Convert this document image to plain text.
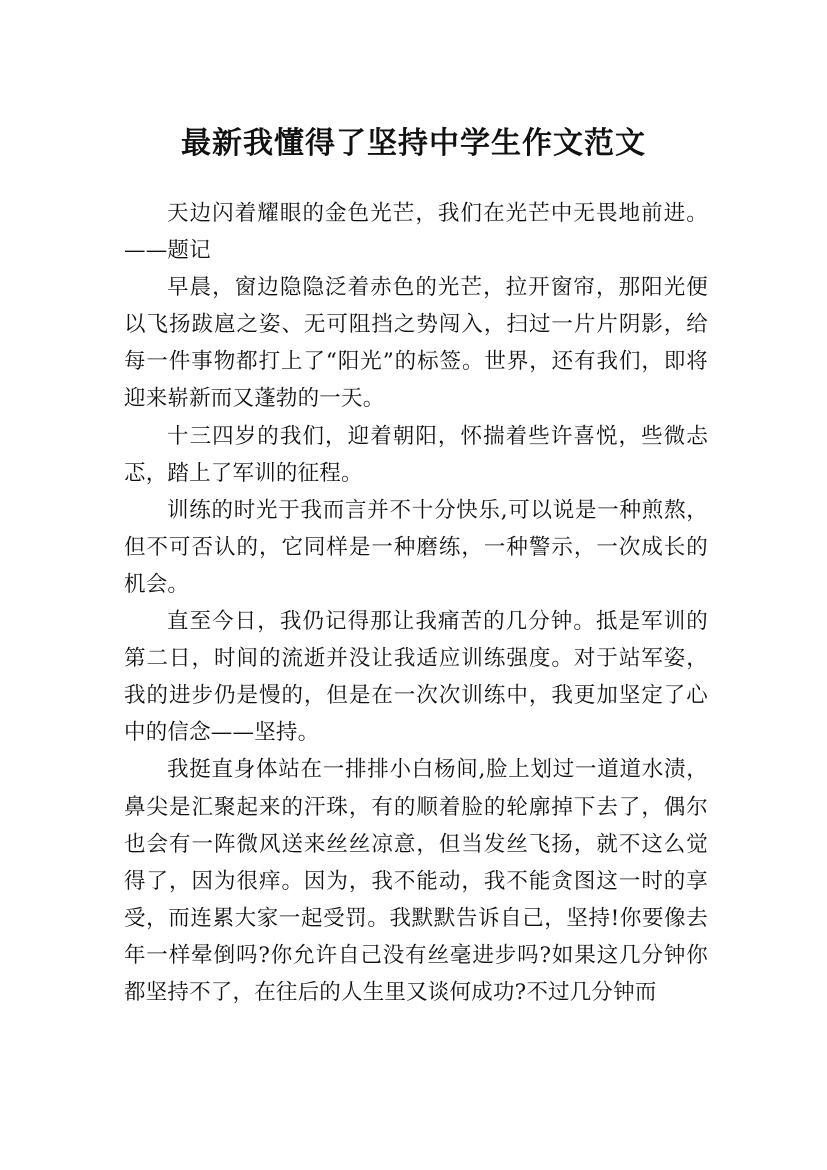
最新我懂得了坚持中学生作文范文

天边闪着耀眼的金色光芒，我们在光芒中无畏地前进。——题记

早晨，窗边隐隐泛着赤色的光芒，拉开窗帘，那阳光便以飞扬跋扈之姿、无可阻挡之势闯入，扫过一片片阴影，给每一件事物都打上了“阳光”的标签。世界，还有我们，即将迎来崭新而又蓬勃的一天。

十三四岁的我们，迎着朝阳，怀揣着些许喜悦，些微忐忑，踏上了军训的征程。

训练的时光于我而言并不十分快乐,可以说是一种煎熬，但不可否认的，它同样是一种磨练，一种警示，一次成长的机会。

直至今日，我仍记得那让我痛苦的几分钟。抵是军训的第二日，时间的流逝并没让我适应训练强度。对于站军姿，我的进步仍是慢的，但是在一次次训练中，我更加坚定了心中的信念——坚持。

我挺直身体站在一排排小白杨间,脸上划过一道道水渍，鼻尖是汇聚起来的汗珠，有的顺着脸的轮廓掉下去了，偶尔也会有一阵微风送来丝丝凉意，但当发丝飞扬，就不这么觉得了，因为很痒。因为，我不能动，我不能贪图这一时的享受，而连累大家一起受罚。我默默告诉自己，坚持!你要像去年一样晕倒吗?你允许自己没有丝毫进步吗?如果这几分钟你都坚持不了，在往后的人生里又谈何成功?不过几分钟而
